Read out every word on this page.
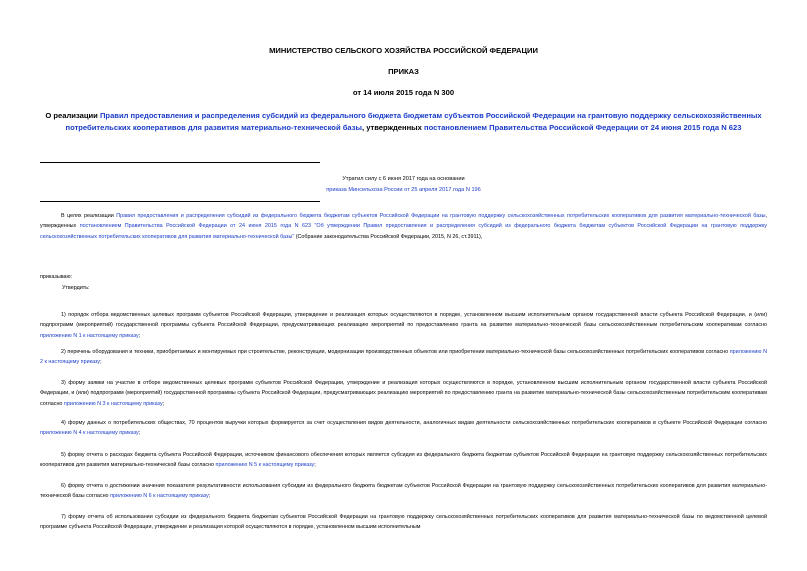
МИНИСТЕРСТВО СЕЛЬСКОГО ХОЗЯЙСТВА РОССИЙСКОЙ ФЕДЕРАЦИИ
ПРИКАЗ
от 14 июля 2015 года N 300
О реализации Правил предоставления и распределения субсидий из федерального бюджета бюджетам субъектов Российской Федерации на грантовую поддержку сельскохозяйственных потребительских кооперативов для развития материально-технической базы, утвержденных постановлением Правительства Российской Федерации от 24 июня 2015 года N 623
Утратил силу с 6 июня 2017 года на основании
приказа Минсельхоза России от 25 апреля 2017 года N 196
В целях реализации Правил предоставления и распределения субсидий из федерального бюджета бюджетам субъектов Российской Федерации на грантовую поддержку сельскохозяйственных потребительских кооперативов для развития материально-технической базы, утвержденных постановлением Правительства Российской Федерации от 24 июня 2015 года N 623 "Об утверждении Правил предоставления и распределения субсидий из федерального бюджета бюджетам субъектов Российской Федерации на грантовую поддержку сельскохозяйственных потребительских кооперативов для развития материально-технической базы" (Собрание законодательства Российской Федерации, 2015, N 26, ст.3911),
приказываю:
Утвердить:
1) порядок отбора ведомственных целевых программ субъектов Российской Федерации, утверждение и реализация которых осуществляются в порядке, установленном высшим исполнительным органом государственной власти субъекта Российской Федерации, и (или) подпрограмм (мероприятий) государственной программы субъекта Российской Федерации, предусматривающих реализацию мероприятий по предоставлению гранта на развитие материально-технической базы сельскохозяйственным потребительским кооперативам согласно приложению N 1 к настоящему приказу;
2) перечень оборудования и техники, приобретаемых и монтируемых при строительстве, реконструкции, модернизации производственных объектов или приобретении материально-технической базы сельскохозяйственных потребительских кооперативов согласно приложению N 2 к настоящему приказу;
3) форму заявки на участие в отборе ведомственных целевых программ субъектов Российской Федерации, утверждение и реализация которых осуществляются в порядке, установленном высшим исполнительным органом государственной власти субъекта Российской Федерации, и (или) подпрограмм (мероприятий) государственной программы субъекта Российской Федерации, предусматривающих реализацию мероприятий по предоставлению гранта на развитие материально-технической базы сельскохозяйственным потребительским кооперативам согласно приложению N 3 к настоящему приказу;
4) форму данных о потребительских обществах, 70 процентов выручки которых формируется за счет осуществления видов деятельности, аналогичных видам деятельности сельскохозяйственных потребительских кооперативов в субъекте Российской Федерации согласно приложению N 4 к настоящему приказу;
5) форму отчета о расходах бюджета субъекта Российской Федерации, источником финансового обеспечения которых является субсидия из федерального бюджета бюджетам субъектов Российской Федерации на грантовую поддержку сельскохозяйственных потребительских кооперативов для развития материально-технической базы согласно приложению N 5 к настоящему приказу;
6) форму отчета о достижении значения показателя результативности использования субсидии из федерального бюджета бюджетам субъектов Российской Федерации на грантовую поддержку сельскохозяйственных потребительских кооперативов для развития материально-технической базы согласно приложению N 6 к настоящему приказу;
7) форму отчета об использовании субсидии из федерального бюджета бюджетам субъектов Российской Федерации на грантовую поддержку сельскохозяйственных потребительских кооперативов для развития материально-технической базы по ведомственной целевой программе субъекта Российской Федерации, утверждение и реализация которой осуществляются в порядке, установленном высшим исполнительным
